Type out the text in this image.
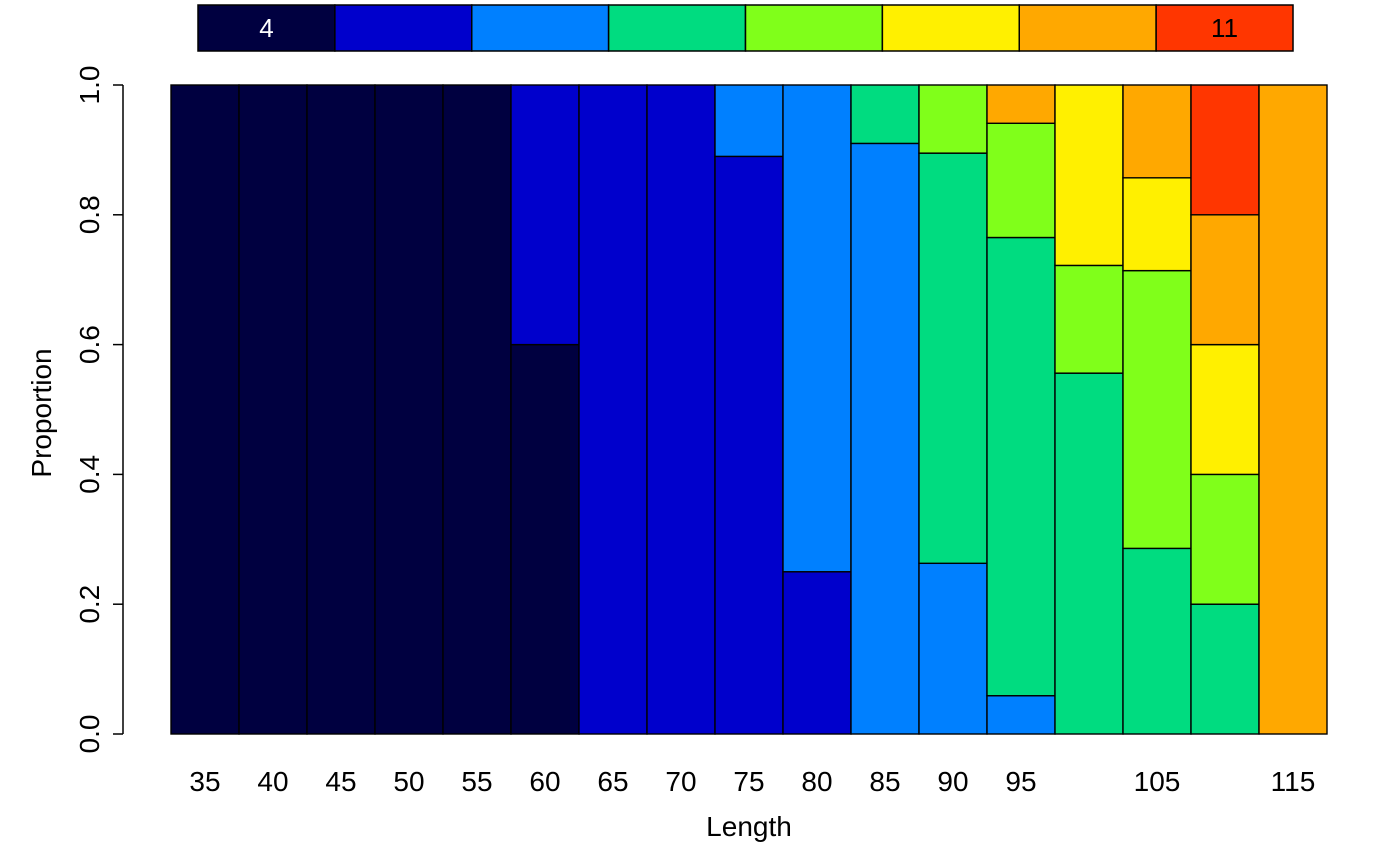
4	11
0.0
0.2
0.4
0.6
0.8
1.0
35 40 45 50 55 60 65 70 75 80 85 90 95	105	115
Length
Proportion
